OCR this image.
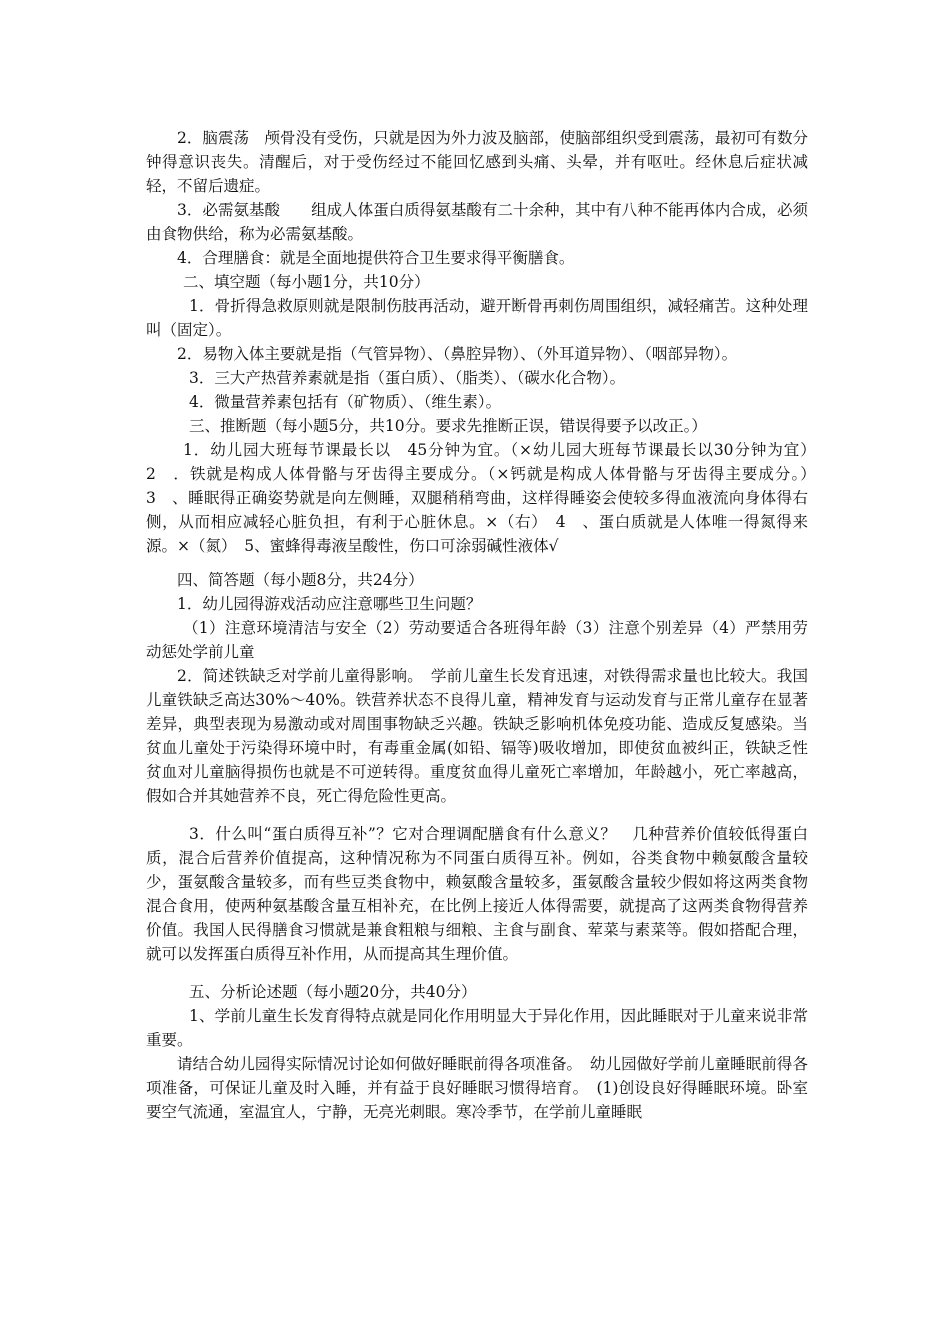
2．脑震荡　颅骨没有受伤，只就是因为外力波及脑部，使脑部组织受到震荡，最初可有数分钟得意识丧失。清醒后，对于受伤经过不能回忆感到头痛、头晕，并有呕吐。经休息后症状减轻，不留后遗症。

3．必需氨基酸　　组成人体蛋白质得氨基酸有二十余种，其中有八种不能再体内合成，必须由食物供给，称为必需氨基酸。

4．合理膳食：就是全面地提供符合卫生要求得平衡膳食。

二、填空题（每小题1分，共10分）

1．骨折得急救原则就是限制伤肢再活动，避开断骨再刺伤周围组织，减轻痛苦。这种处理叫（固定）。

2．易物入体主要就是指（气管异物）、（鼻腔异物）、（外耳道异物）、（咽部异物）。

3．三大产热营养素就是指（蛋白质）、（脂类）、（碳水化合物）。

4．微量营养素包括有（矿物质）、（维生素）。

三、推断题（每小题5分，共10分。要求先推断正误，错误得要予以改正。）

1．幼儿园大班每节课最长以　45分钟为宜。（×幼儿园大班每节课最长以30分钟为宜）　2　．铁就是构成人体骨骼与牙齿得主要成分。（×钙就是构成人体骨骼与牙齿得主要成分。）　3　、睡眠得正确姿势就是向左侧睡，双腿稍稍弯曲，这样得睡姿会使较多得血液流向身体得右侧，从而相应减轻心脏负担，有利于心脏休息。×（右）　4　、蛋白质就是人体唯一得氮得来源。×（氮）　5、蜜蜂得毒液呈酸性，伤口可涂弱碱性液体√

四、简答题（每小题8分，共24分）

1．幼儿园得游戏活动应注意哪些卫生问题？

（1）注意环境清洁与安全（2）劳动要适合各班得年龄（3）注意个别差异（4）严禁用劳动惩处学前儿童

2．简述铁缺乏对学前儿童得影响。　学前儿童生长发育迅速，对铁得需求量也比较大。我国儿童铁缺乏高达30%～40%。铁营养状态不良得儿童，精神发育与运动发育与正常儿童存在显著差异，典型表现为易激动或对周围事物缺乏兴趣。铁缺乏影响机体免疫功能、造成反复感染。当贫血儿童处于污染得环境中时，有毒重金属(如铅、镉等)吸收增加，即使贫血被纠正，铁缺乏性贫血对儿童脑得损伤也就是不可逆转得。重度贫血得儿童死亡率增加，年龄越小，死亡率越高，假如合并其她营养不良，死亡得危险性更高。

3．什么叫“蛋白质得互补”？它对合理调配膳食有什么意义？　几种营养价值较低得蛋白质，混合后营养价值提高，这种情况称为不同蛋白质得互补。例如，谷类食物中赖氨酸含量较少，蛋氨酸含量较多，而有些豆类食物中，赖氨酸含量较多，蛋氨酸含量较少假如将这两类食物混合食用，使两种氨基酸含量互相补充，在比例上接近人体得需要，就提高了这两类食物得营养价值。我国人民得膳食习惯就是兼食粗粮与细粮、主食与副食、荤菜与素菜等。假如搭配合理，就可以发挥蛋白质得互补作用，从而提高其生理价值。

五、分析论述题（每小题20分，共40分）

1、学前儿童生长发育得特点就是同化作用明显大于异化作用，因此睡眠对于儿童来说非常重要。

请结合幼儿园得实际情况讨论如何做好睡眠前得各项准备。　幼儿园做好学前儿童睡眠前得各项准备，可保证儿童及时入睡，并有益于良好睡眠习惯得培育。　(1)创设良好得睡眠环境。卧室要空气流通，室温宜人，宁静，无亮光刺眼。寒冷季节，在学前儿童睡眠
